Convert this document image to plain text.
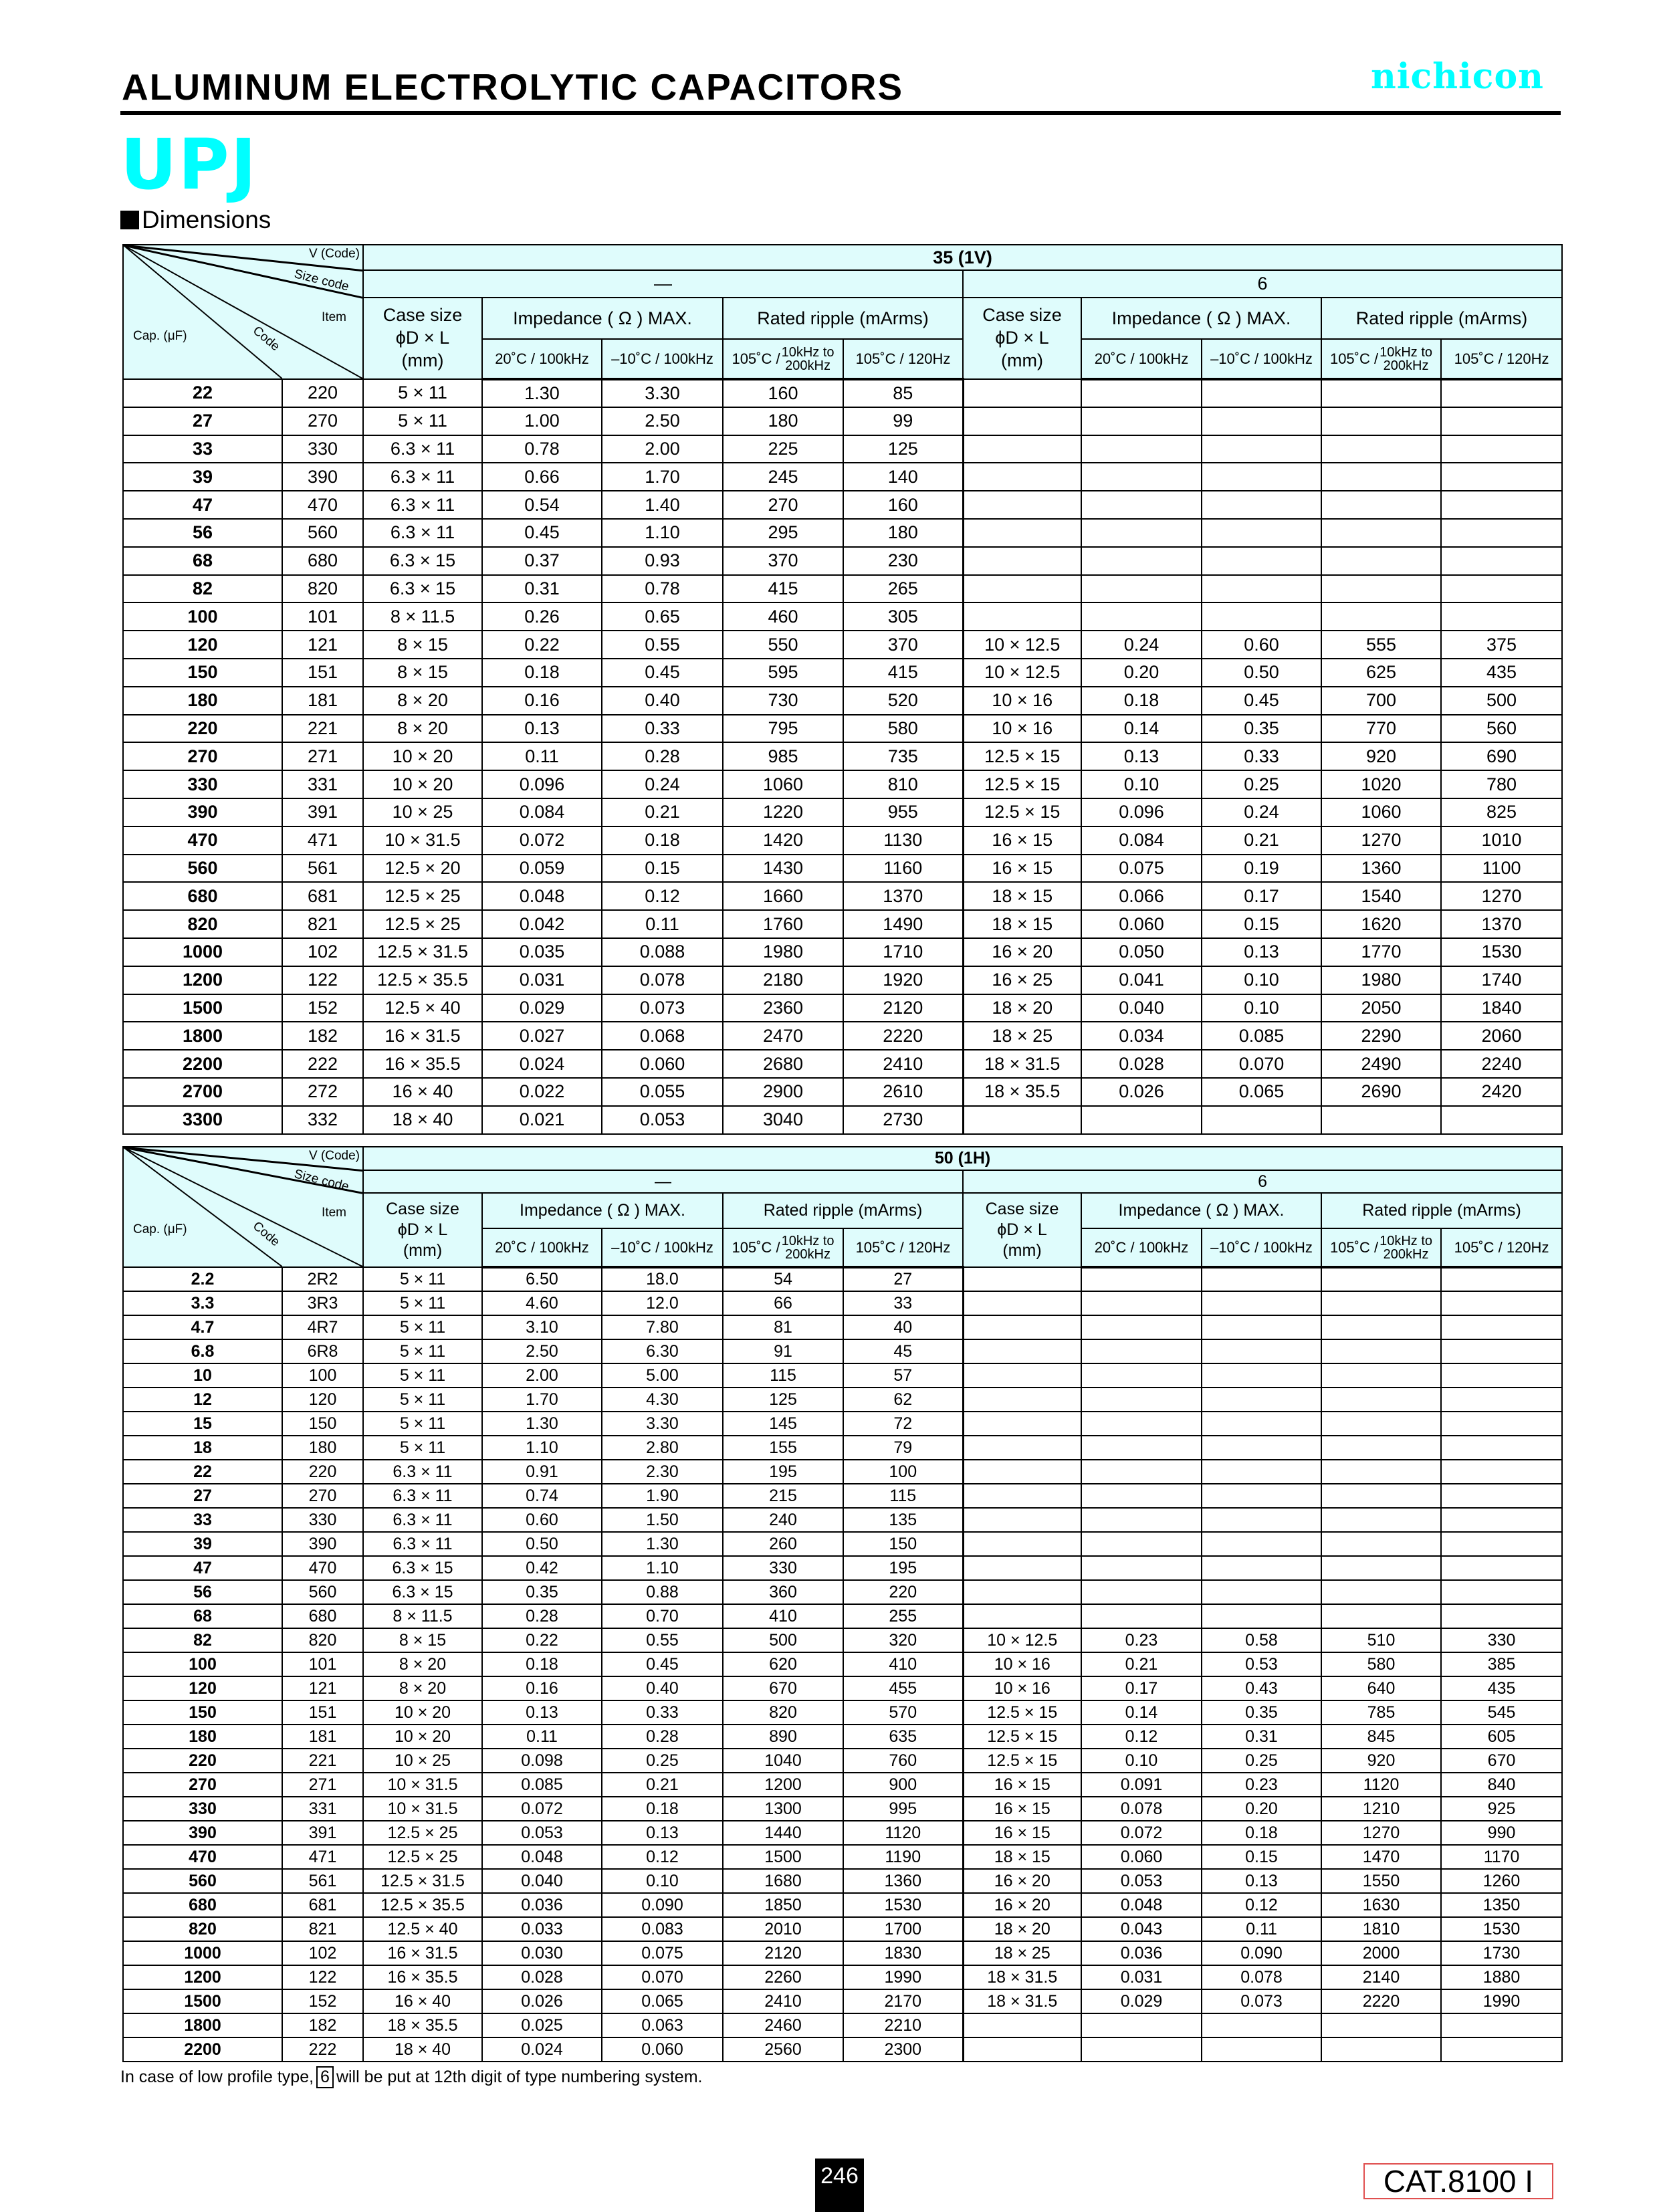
ALUMINUM ELECTROLYTIC CAPACITORS	nichicon
UPJ
Dimensions
V (Code)
Size code
Item
Code
Cap. (μF)		35 (1V)									
		—					6				

		Case size
ϕD × L
(mm)	Impedance ( Ω ) MAX.		Rated ripple (mArms)		Case size
ϕD × L
(mm)	Impedance ( Ω ) MAX.		Rated ripple (mArms)	
			20˚C / 100kHz	–10˚C / 100kHz	105˚C / 10kHz to
200kHz	105˚C / 120Hz		20˚C / 100kHz	–10˚C / 100kHz	105˚C / 10kHz to
200kHz	105˚C / 120Hz
22	220	5 × 11	1.30	3.30	160	85					
27	270	5 × 11	1.00	2.50	180	99					
33	330	6.3 × 11	0.78	2.00	225	125					
39	390	6.3 × 11	0.66	1.70	245	140					
47	470	6.3 × 11	0.54	1.40	270	160					
56	560	6.3 × 11	0.45	1.10	295	180					
68	680	6.3 × 15	0.37	0.93	370	230					
82	820	6.3 × 15	0.31	0.78	415	265					
100	101	8 × 11.5	0.26	0.65	460	305					
120	121	8 × 15	0.22	0.55	550	370	10 × 12.5	0.24	0.60	555	375
150	151	8 × 15	0.18	0.45	595	415	10 × 12.5	0.20	0.50	625	435
180	181	8 × 20	0.16	0.40	730	520	10 × 16	0.18	0.45	700	500
220	221	8 × 20	0.13	0.33	795	580	10 × 16	0.14	0.35	770	560
270	271	10 × 20	0.11	0.28	985	735	12.5 × 15	0.13	0.33	920	690
330	331	10 × 20	0.096	0.24	1060	810	12.5 × 15	0.10	0.25	1020	780
390	391	10 × 25	0.084	0.21	1220	955	12.5 × 15	0.096	0.24	1060	825
470	471	10 × 31.5	0.072	0.18	1420	1130	16 × 15	0.084	0.21	1270	1010
560	561	12.5 × 20	0.059	0.15	1430	1160	16 × 15	0.075	0.19	1360	1100
680	681	12.5 × 25	0.048	0.12	1660	1370	18 × 15	0.066	0.17	1540	1270
820	821	12.5 × 25	0.042	0.11	1760	1490	18 × 15	0.060	0.15	1620	1370
1000	102	12.5 × 31.5	0.035	0.088	1980	1710	16 × 20	0.050	0.13	1770	1530
1200	122	12.5 × 35.5	0.031	0.078	2180	1920	16 × 25	0.041	0.10	1980	1740
1500	152	12.5 × 40	0.029	0.073	2360	2120	18 × 20	0.040	0.10	2050	1840
1800	182	16 × 31.5	0.027	0.068	2470	2220	18 × 25	0.034	0.085	2290	2060
2200	222	16 × 35.5	0.024	0.060	2680	2410	18 × 31.5	0.028	0.070	2490	2240
2700	272	16 × 40	0.022	0.055	2900	2610	18 × 35.5	0.026	0.065	2690	2420
3300	332	18 × 40	0.021	0.053	3040	2730					
V (Code)
Size code
Item
Code
Cap. (μF)		50 (1H)									
		—					6				

		Case size
ϕD × L
(mm)	Impedance ( Ω ) MAX.		Rated ripple (mArms)		Case size
ϕD × L
(mm)	Impedance ( Ω ) MAX.		Rated ripple (mArms)	
			20˚C / 100kHz	–10˚C / 100kHz	105˚C / 10kHz to
200kHz	105˚C / 120Hz		20˚C / 100kHz	–10˚C / 100kHz	105˚C / 10kHz to
200kHz	105˚C / 120Hz
2.2	2R2	5 × 11	6.50	18.0	54	27					
3.3	3R3	5 × 11	4.60	12.0	66	33					
4.7	4R7	5 × 11	3.10	7.80	81	40					
6.8	6R8	5 × 11	2.50	6.30	91	45					
10	100	5 × 11	2.00	5.00	115	57					
12	120	5 × 11	1.70	4.30	125	62					
15	150	5 × 11	1.30	3.30	145	72					
18	180	5 × 11	1.10	2.80	155	79					
22	220	6.3 × 11	0.91	2.30	195	100					
27	270	6.3 × 11	0.74	1.90	215	115					
33	330	6.3 × 11	0.60	1.50	240	135					
39	390	6.3 × 11	0.50	1.30	260	150					
47	470	6.3 × 15	0.42	1.10	330	195					
56	560	6.3 × 15	0.35	0.88	360	220					
68	680	8 × 11.5	0.28	0.70	410	255					
82	820	8 × 15	0.22	0.55	500	320	10 × 12.5	0.23	0.58	510	330
100	101	8 × 20	0.18	0.45	620	410	10 × 16	0.21	0.53	580	385
120	121	8 × 20	0.16	0.40	670	455	10 × 16	0.17	0.43	640	435
150	151	10 × 20	0.13	0.33	820	570	12.5 × 15	0.14	0.35	785	545
180	181	10 × 20	0.11	0.28	890	635	12.5 × 15	0.12	0.31	845	605
220	221	10 × 25	0.098	0.25	1040	760	12.5 × 15	0.10	0.25	920	670
270	271	10 × 31.5	0.085	0.21	1200	900	16 × 15	0.091	0.23	1120	840
330	331	10 × 31.5	0.072	0.18	1300	995	16 × 15	0.078	0.20	1210	925
390	391	12.5 × 25	0.053	0.13	1440	1120	16 × 15	0.072	0.18	1270	990
470	471	12.5 × 25	0.048	0.12	1500	1190	18 × 15	0.060	0.15	1470	1170
560	561	12.5 × 31.5	0.040	0.10	1680	1360	16 × 20	0.053	0.13	1550	1260
680	681	12.5 × 35.5	0.036	0.090	1850	1530	16 × 20	0.048	0.12	1630	1350
820	821	12.5 × 40	0.033	0.083	2010	1700	18 × 20	0.043	0.11	1810	1530
1000	102	16 × 31.5	0.030	0.075	2120	1830	18 × 25	0.036	0.090	2000	1730
1200	122	16 × 35.5	0.028	0.070	2260	1990	18 × 31.5	0.031	0.078	2140	1880
1500	152	16 × 40	0.026	0.065	2410	2170	18 × 31.5	0.029	0.073	2220	1990
1800	182	18 × 35.5	0.025	0.063	2460	2210					
2200	222	18 × 40	0.024	0.060	2560	2300					
In case of low profile type, 6 will be put at 12th digit of type numbering system.
246	CAT.8100 I
